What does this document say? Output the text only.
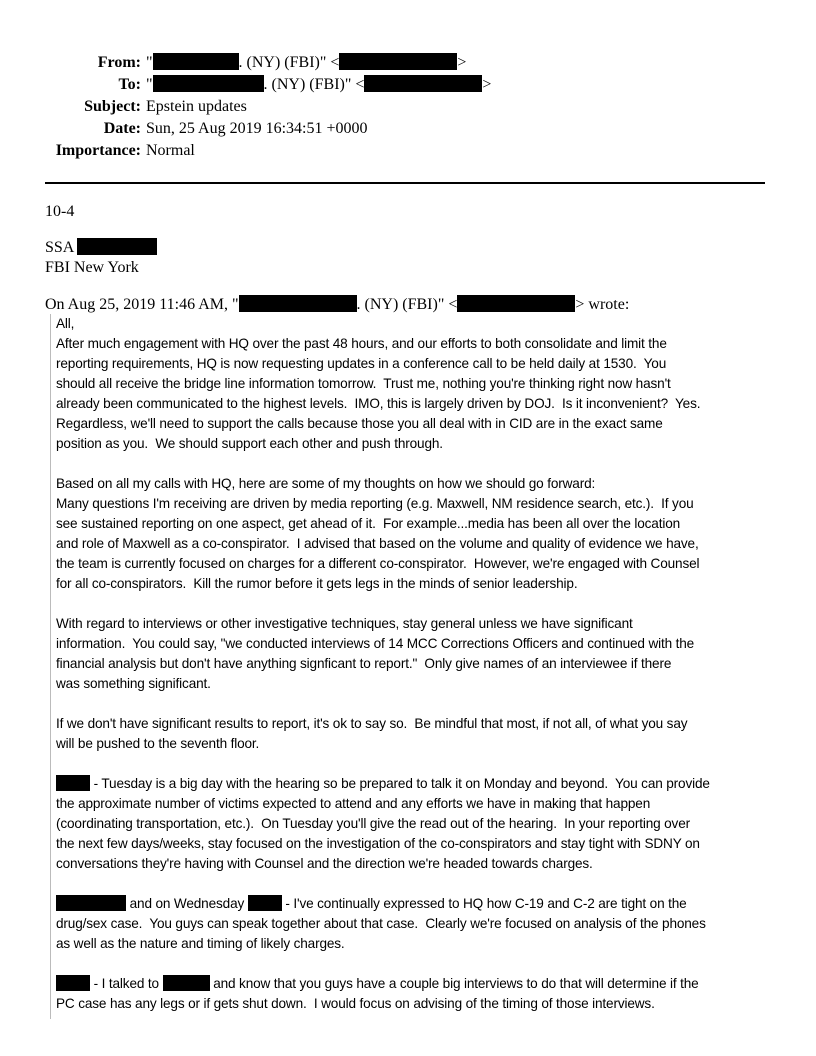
From: "	. (NY) (FBI)" <	>
To: "	. (NY) (FBI)" <	>
Subject: Epstein updates
Date: Sun, 25 Aug 2019 16:34:51 +0000
Importance: Normal
10-4
SSA
FBI New York
On Aug 25, 2019 11:46 AM, "	. (NY) (FBI)" <	> wrote:
All,
After much engagement with HQ over the past 48 hours, and our efforts to both consolidate and limit the
reporting requirements, HQ is now requesting updates in a conference call to be held daily at 1530.  You
should all receive the bridge line information tomorrow.  Trust me, nothing you're thinking right now hasn't
already been communicated to the highest levels.  IMO, this is largely driven by DOJ.  Is it inconvenient?  Yes.
Regardless, we'll need to support the calls because those you all deal with in CID are in the exact same
position as you.  We should support each other and push through.
Based on all my calls with HQ, here are some of my thoughts on how we should go forward:
Many questions I'm receiving are driven by media reporting (e.g. Maxwell, NM residence search, etc.).  If you
see sustained reporting on one aspect, get ahead of it.  For example...media has been all over the location
and role of Maxwell as a co-conspirator.  I advised that based on the volume and quality of evidence we have,
the team is currently focused on charges for a different co-conspirator.  However, we're engaged with Counsel
for all co-conspirators.  Kill the rumor before it gets legs in the minds of senior leadership.
With regard to interviews or other investigative techniques, stay general unless we have significant
information.  You could say, "we conducted interviews of 14 MCC Corrections Officers and continued with the
financial analysis but don't have anything signficant to report."  Only give names of an interviewee if there
was something significant.
If we don't have significant results to report, it's ok to say so.  Be mindful that most, if not all, of what you say
will be pushed to the seventh floor.
- Tuesday is a big day with the hearing so be prepared to talk it on Monday and beyond.  You can provide
the approximate number of victims expected to attend and any efforts we have in making that happen
(coordinating transportation, etc.).  On Tuesday you'll give the read out of the hearing.  In your reporting over
the next few days/weeks, stay focused on the investigation of the co-conspirators and stay tight with SDNY on
conversations they're having with Counsel and the direction we're headed towards charges.
and on Wednesday	- I've continually expressed to HQ how C-19 and C-2 are tight on the
drug/sex case.  You guys can speak together about that case.  Clearly we're focused on analysis of the phones
as well as the nature and timing of likely charges.
- I talked to	and know that you guys have a couple big interviews to do that will determine if the
PC case has any legs or if gets shut down.  I would focus on advising of the timing of those interviews.
